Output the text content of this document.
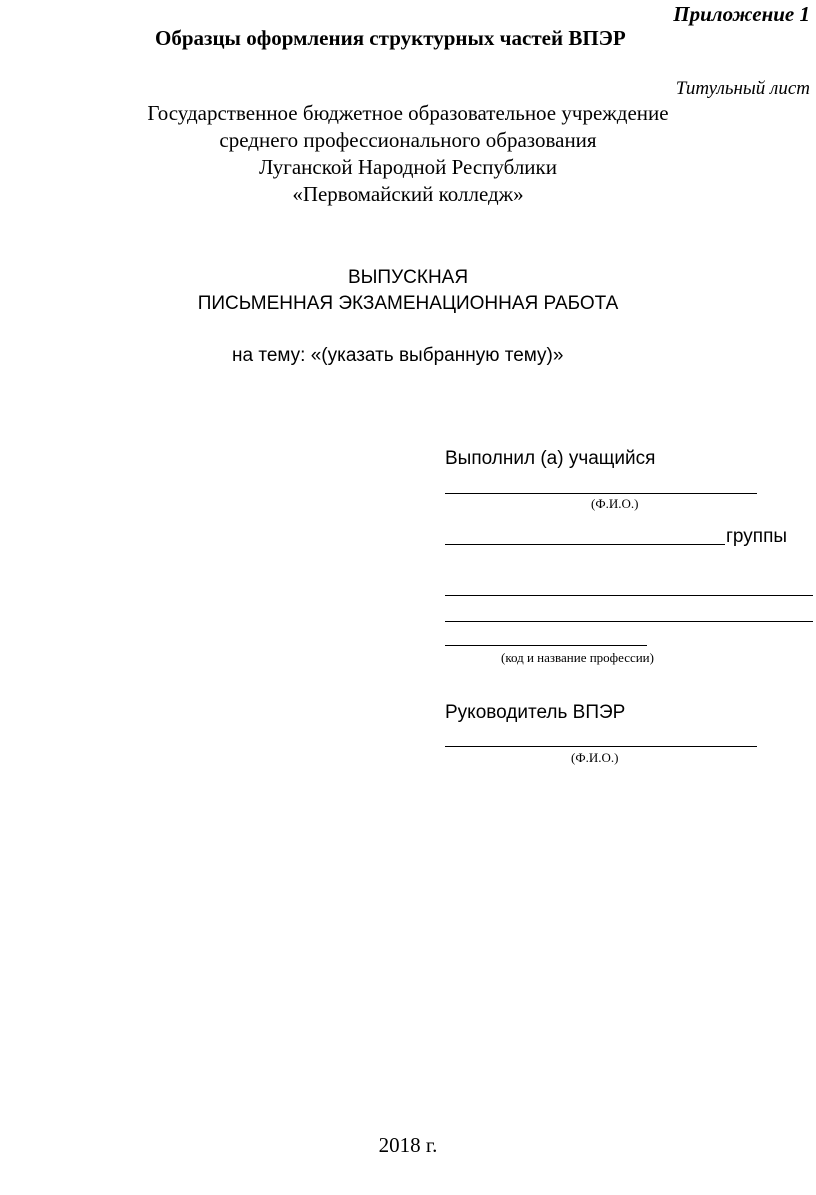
Приложение 1
Образцы оформления структурных частей ВПЭР
Титульный лист
Государственное бюджетное образовательное учреждение
среднего профессионального образования
Луганской Народной Республики
«Первомайский колледж»
ВЫПУСКНАЯ
ПИСЬМЕННАЯ ЭКЗАМЕНАЦИОННАЯ РАБОТА
на тему: «(указать выбранную тему)»
Выполнил (а) учащийся
(Ф.И.О.)
группы
(код и название профессии)
Руководитель ВПЭР
(Ф.И.О.)
2018 г.
